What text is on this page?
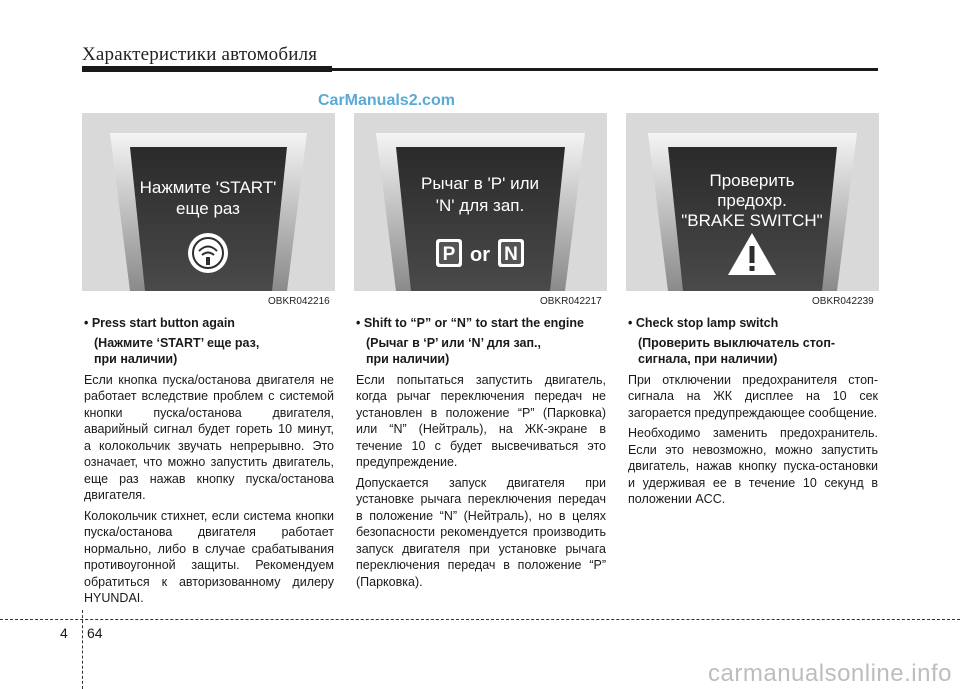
Характеристики автомобиля
CarManuals2.com
Нажмите 'START'
еще раз
OBKR042216
Рычаг в 'P' или
'N' для зап.
P or N
OBKR042217
Проверить
предохр.
"BRAKE SWITCH"
OBKR042239
• Press start button again
(Нажмите ‘START’ еще раз,
при наличии)

Если кнопка пуска/останова двигателя не работает вследствие проблем с системой кнопки пуска/останова двигателя, аварийный сигнал будет гореть 10 минут, а колокольчик звучать непрерывно. Это означает, что можно запустить двигатель, еще раз нажав кнопку пуска/останова двигателя.

Колокольчик стихнет, если система кнопки пуска/останова двигателя работает нормально, либо в случае срабатывания противоугонной защиты. Рекомендуем обратиться к авторизованному дилеру HYUNDAI.

• Shift to “P” or “N” to start the engine
(Рычаг в ‘P’ или ‘N’ для зап.,
при наличии)

Если попытаться запустить двигатель, когда рычаг переключения передач не установлен в положение “P” (Парковка) или “N” (Нейтраль), на ЖК-экране в течение 10 с будет высвечиваться это предупреждение.

Допускается запуск двигателя при установке рычага переключения передач в положение “N” (Нейтраль), но в целях безопасности рекомендуется производить запуск двигателя при установке рычага переключения передач в положение “P” (Парковка).

• Check stop lamp switch
(Проверить выключатель стоп-
сигнала, при наличии)

При отключении предохранителя стоп-сигнала на ЖК дисплее на 10 сек загорается предупреждающее сообщение.

Необходимо заменить предохранитель. Если это невозможно, можно запустить двигатель, нажав кнопку пуска-остановки и удерживая ее в течение 10 секунд в положении ACC.

4 64
carmanualsonline.info
